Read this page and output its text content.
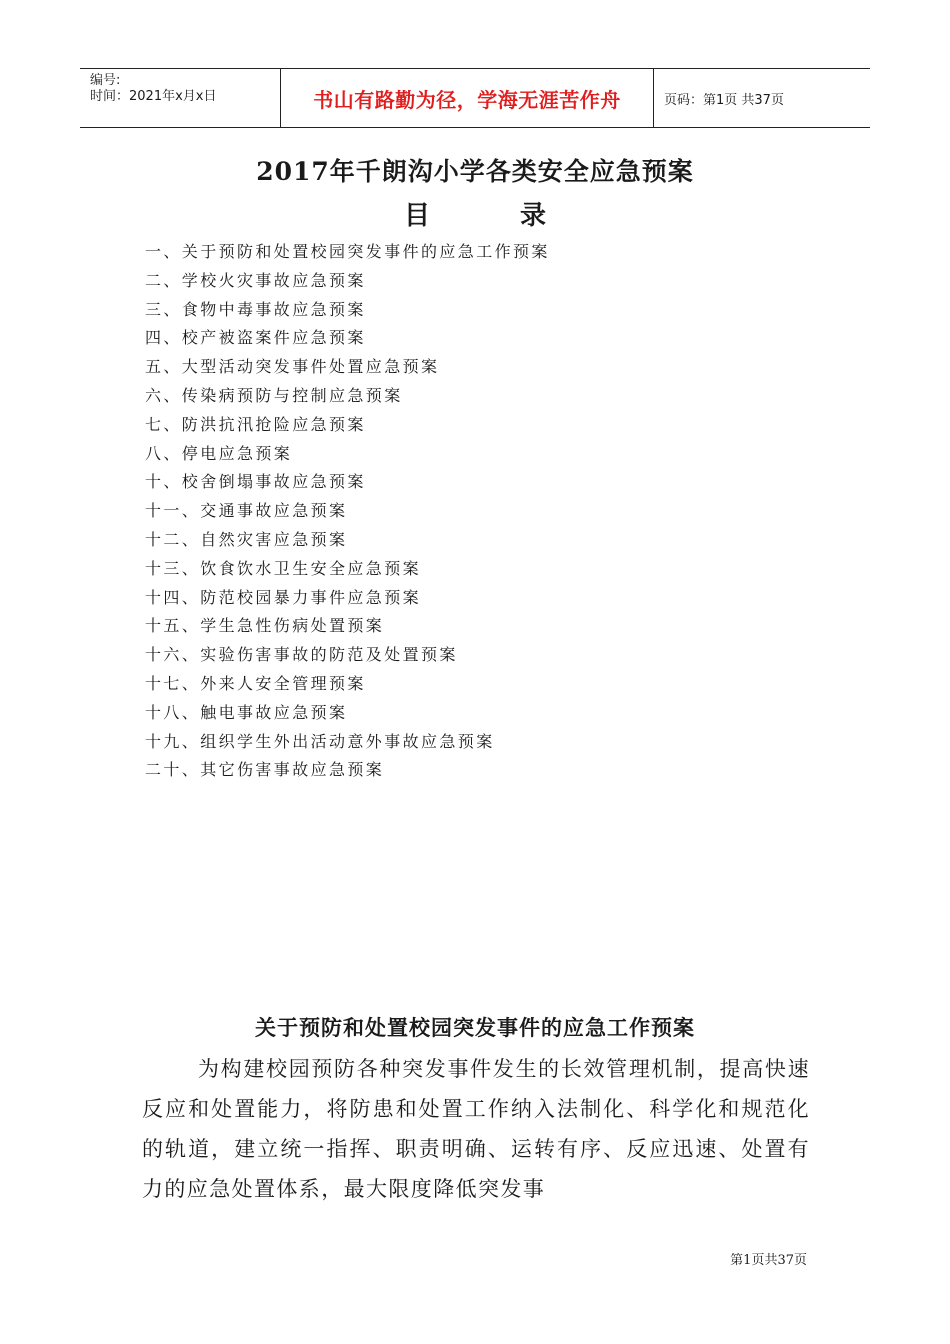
编号:
时间：2021年x月x日	书山有路勤为径，学海无涯苦作舟	页码：第1页 共37页
2017年千朗沟小学各类安全应急预案
目	录
一、关于预防和处置校园突发事件的应急工作预案
二、学校火灾事故应急预案
三、食物中毒事故应急预案
四、校产被盗案件应急预案
五、大型活动突发事件处置应急预案
六、传染病预防与控制应急预案
七、防洪抗汛抢险应急预案
八、停电应急预案
十、校舍倒塌事故应急预案
十一、交通事故应急预案
十二、自然灾害应急预案
十三、饮食饮水卫生安全应急预案
十四、防范校园暴力事件应急预案
十五、学生急性伤病处置预案
十六、实验伤害事故的防范及处置预案
十七、外来人安全管理预案
十八、触电事故应急预案
十九、组织学生外出活动意外事故应急预案
二十、其它伤害事故应急预案
关于预防和处置校园突发事件的应急工作预案

为构建校园预防各种突发事件发生的长效管理机制，提高快速反应和处置能力，将防患和处置工作纳入法制化、科学化和规范化的轨道，建立统一指挥、职责明确、运转有序、反应迅速、处置有力的应急处置体系，最大限度降低突发事

第1页共37页
